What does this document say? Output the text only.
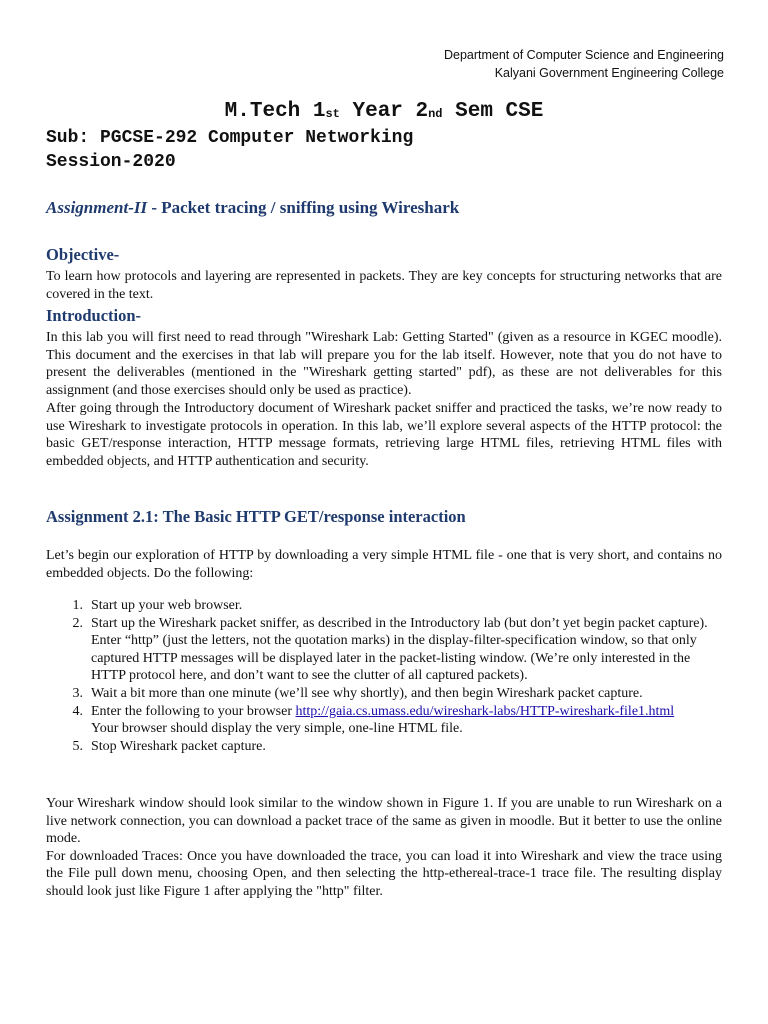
Department of Computer Science and Engineering
Kalyani Government Engineering College
M.Tech $1_{st}$ Year $2_{nd}$ Sem CSE
Sub: PGCSE-292 Computer Networking
Session-2020
Assignment-II - Packet tracing / sniffing using Wireshark
Objective-
To learn how protocols and layering are represented in packets. They are key concepts for structuring networks that are covered in the text.
Introduction-

In this lab you will first need to read through "Wireshark Lab: Getting Started" (given as a resource in KGEC moodle). This document and the exercises in that lab will prepare you for the lab itself. However, note that you do not have to present the deliverables (mentioned in the "Wireshark getting started" pdf), as these are not deliverables for this assignment (and those exercises should only be used as practice).

After going through the Introductory document of Wireshark packet sniffer and practiced the tasks, we’re now ready to use Wireshark to investigate protocols in operation. In this lab, we’ll explore several aspects of the HTTP protocol: the basic GET/response interaction, HTTP message formats, retrieving large HTML files, retrieving HTML files with embedded objects, and HTTP authentication and security.

Assignment 2.1: The Basic HTTP GET/response interaction
Let’s begin our exploration of HTTP by downloading a very simple HTML file - one that is very short, and contains no embedded objects. Do the following:
1. Start up your web browser.
2. Start up the Wireshark packet sniffer, as described in the Introductory lab (but don’t yet begin packet capture). Enter “http” (just the letters, not the quotation marks) in the display-filter-specification window, so that only captured HTTP messages will be displayed later in the packet-listing window. (We’re only interested in the HTTP protocol here, and don’t want to see the clutter of all captured packets).
3. Wait a bit more than one minute (we’ll see why shortly), and then begin Wireshark packet capture.
4. Enter the following to your browser http://gaia.cs.umass.edu/wireshark-labs/HTTP-wireshark-file1.html
Your browser should display the very simple, one-line HTML file.
5. Stop Wireshark packet capture.

Your Wireshark window should look similar to the window shown in Figure 1. If you are unable to run Wireshark on a live network connection, you can download a packet trace of the same as given in moodle. But it better to use the online mode.

For downloaded Traces: Once you have downloaded the trace, you can load it into Wireshark and view the trace using the File pull down menu, choosing Open, and then selecting the http-ethereal-trace-1 trace file. The resulting display should look just like Figure 1 after applying the "http" filter.
